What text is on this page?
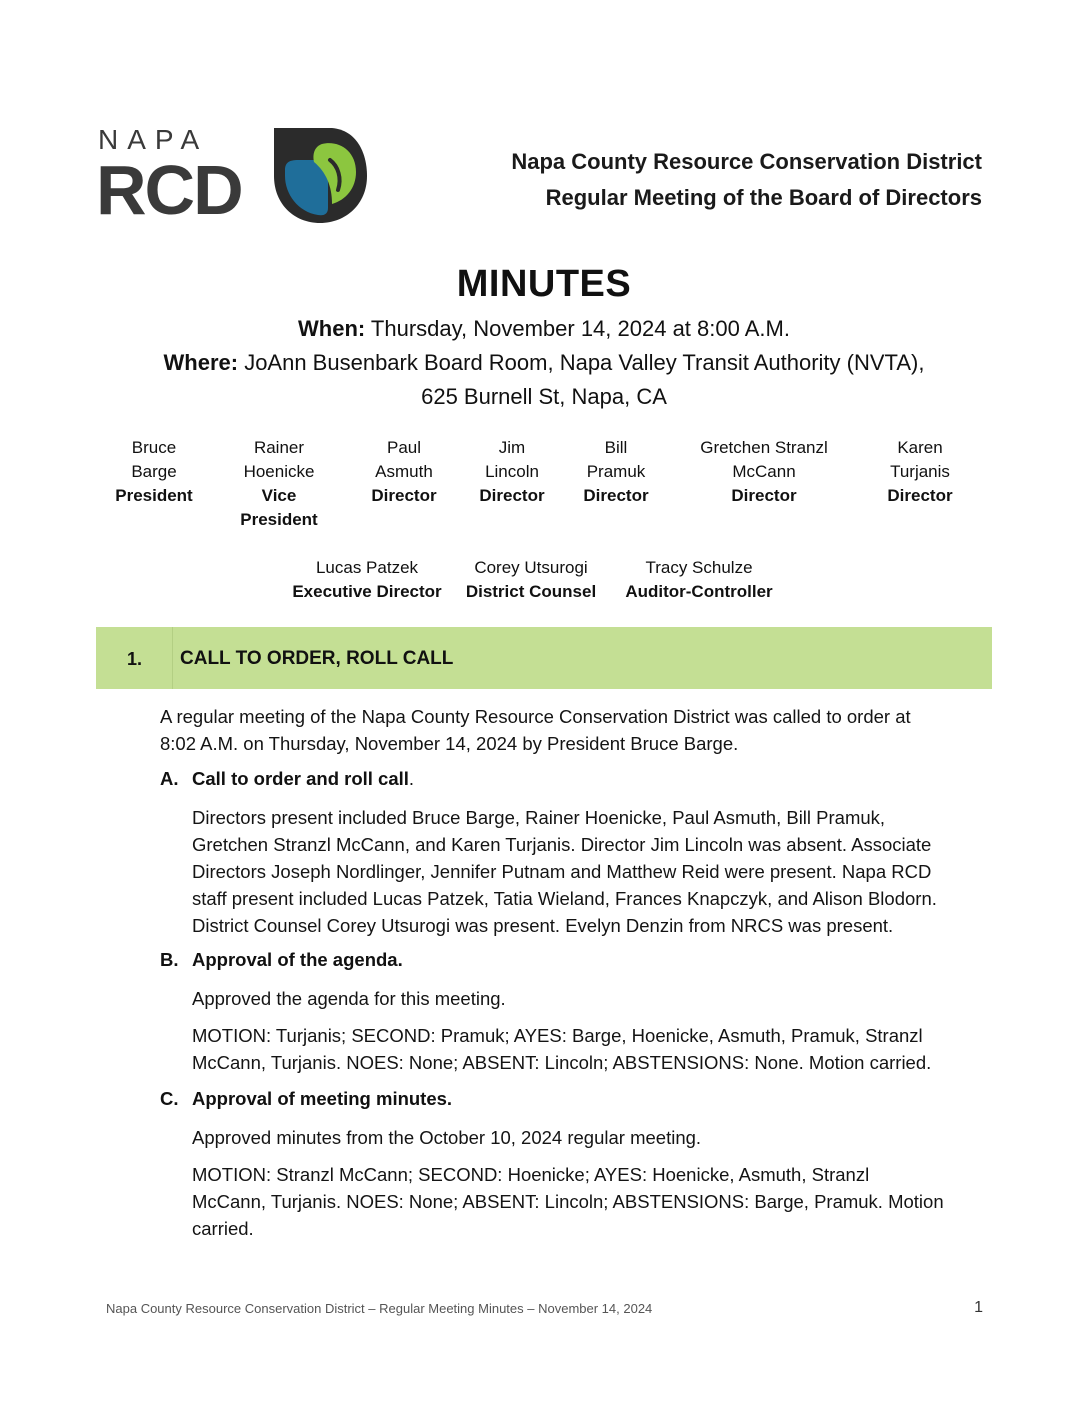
NAPA
RCD	Napa County Resource Conservation District
Regular Meeting of the Board of Directors
MINUTES
When: Thursday, November 14, 2024 at 8:00 A.M.
Where: JoAnn Busenbark Board Room, Napa Valley Transit Authority (NVTA),
625 Burnell St, Napa, CA
Bruce
Barge
President
Rainer
Hoenicke
Vice
President
Paul
Asmuth
Director
Jim
Lincoln
Director
Bill
Pramuk
Director
Gretchen Stranzl
McCann
Director
Karen
Turjanis
Director
Lucas Patzek
Executive Director
Corey Utsurogi
District Counsel
Tracy Schulze
Auditor-Controller
1. CALL TO ORDER, ROLL CALL
A regular meeting of the Napa County Resource Conservation District was called to order at
8:02 A.M. on Thursday, November 14, 2024 by President Bruce Barge.
A. Call to order and roll call.
Directors present included Bruce Barge, Rainer Hoenicke, Paul Asmuth, Bill Pramuk,
Gretchen Stranzl McCann, and Karen Turjanis. Director Jim Lincoln was absent. Associate
Directors Joseph Nordlinger, Jennifer Putnam and Matthew Reid were present. Napa RCD
staff present included Lucas Patzek, Tatia Wieland, Frances Knapczyk, and Alison Blodorn.
District Counsel Corey Utsurogi was present. Evelyn Denzin from NRCS was present.
B. Approval of the agenda.
Approved the agenda for this meeting.
MOTION: Turjanis; SECOND: Pramuk; AYES: Barge, Hoenicke, Asmuth, Pramuk, Stranzl
McCann, Turjanis. NOES: None; ABSENT: Lincoln; ABSTENSIONS: None. Motion carried.
C. Approval of meeting minutes.
Approved minutes from the October 10, 2024 regular meeting.
MOTION: Stranzl McCann; SECOND: Hoenicke; AYES: Hoenicke, Asmuth, Stranzl
McCann, Turjanis. NOES: None; ABSENT: Lincoln; ABSTENSIONS: Barge, Pramuk. Motion
carried.
Napa County Resource Conservation District – Regular Meeting Minutes – November 14, 2024	1
